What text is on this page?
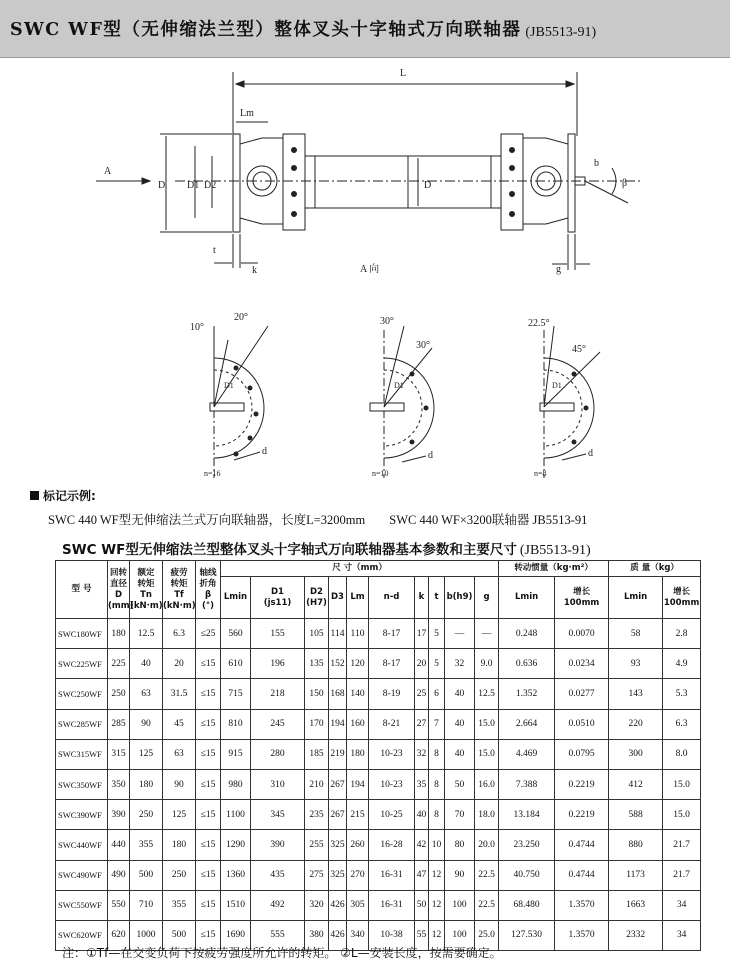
SWC WF型（无伸缩法兰型）整体叉头十字轴式万向联轴器 (JB5513-91)
L
Lm
A
D D1 D2	D
t
k	A 向	g
b
β
10°
20°
D1
d
n=16
30°
30°
D1
d
n=10
22.5°
45°
D1
d
n=8
标记示例:
SWC 440 WF型无伸缩法兰式万向联轴器，长度L=3200mm SWC 440 WF×3200联轴器 JB5513-91
SWC WF型无伸缩法兰型整体叉头十字轴式万向联轴器基本参数和主要尺寸 (JB5513-91)
型 号	回转
直径
D
(mm)	额定
转矩
Tn
(kN·m)	疲劳
转矩
Tf
(kN·m)	轴线
折角
β
(°)	尺 寸（mm）										转动惯量（kg·m²）		质 量（kg）	
					Lmin	D1
(js11)	D2
(H7)	D3	Lm	n-d	k	t	b(h9)	g	Lmin	增长
100mm	Lmin	增长
100mm
SWC180WF	180	12.5	6.3	≤25	560	155	105	114	110	8-17	17	5	—	—	0.248	0.0070	58	2.8
SWC225WF	225	40	20	≤15	610	196	135	152	120	8-17	20	5	32	9.0	0.636	0.0234	93	4.9
SWC250WF	250	63	31.5	≤15	715	218	150	168	140	8-19	25	6	40	12.5	1.352	0.0277	143	5.3
SWC285WF	285	90	45	≤15	810	245	170	194	160	8-21	27	7	40	15.0	2.664	0.0510	220	6.3
SWC315WF	315	125	63	≤15	915	280	185	219	180	10-23	32	8	40	15.0	4.469	0.0795	300	8.0
SWC350WF	350	180	90	≤15	980	310	210	267	194	10-23	35	8	50	16.0	7.388	0.2219	412	15.0
SWC390WF	390	250	125	≤15	1100	345	235	267	215	10-25	40	8	70	18.0	13.184	0.2219	588	15.0
SWC440WF	440	355	180	≤15	1290	390	255	325	260	16-28	42	10	80	20.0	23.250	0.4744	880	21.7
SWC490WF	490	500	250	≤15	1360	435	275	325	270	16-31	47	12	90	22.5	40.750	0.4744	1173	21.7
SWC550WF	550	710	355	≤15	1510	492	320	426	305	16-31	50	12	100	22.5	68.480	1.3570	1663	34
SWC620WF	620	1000	500	≤15	1690	555	380	426	340	10-38	55	12	100	25.0	127.530	1.3570	2332	34
注：①Tf—在交变负荷下按疲劳强度所允许的转矩。 ②L—安装长度，按需要确定。
